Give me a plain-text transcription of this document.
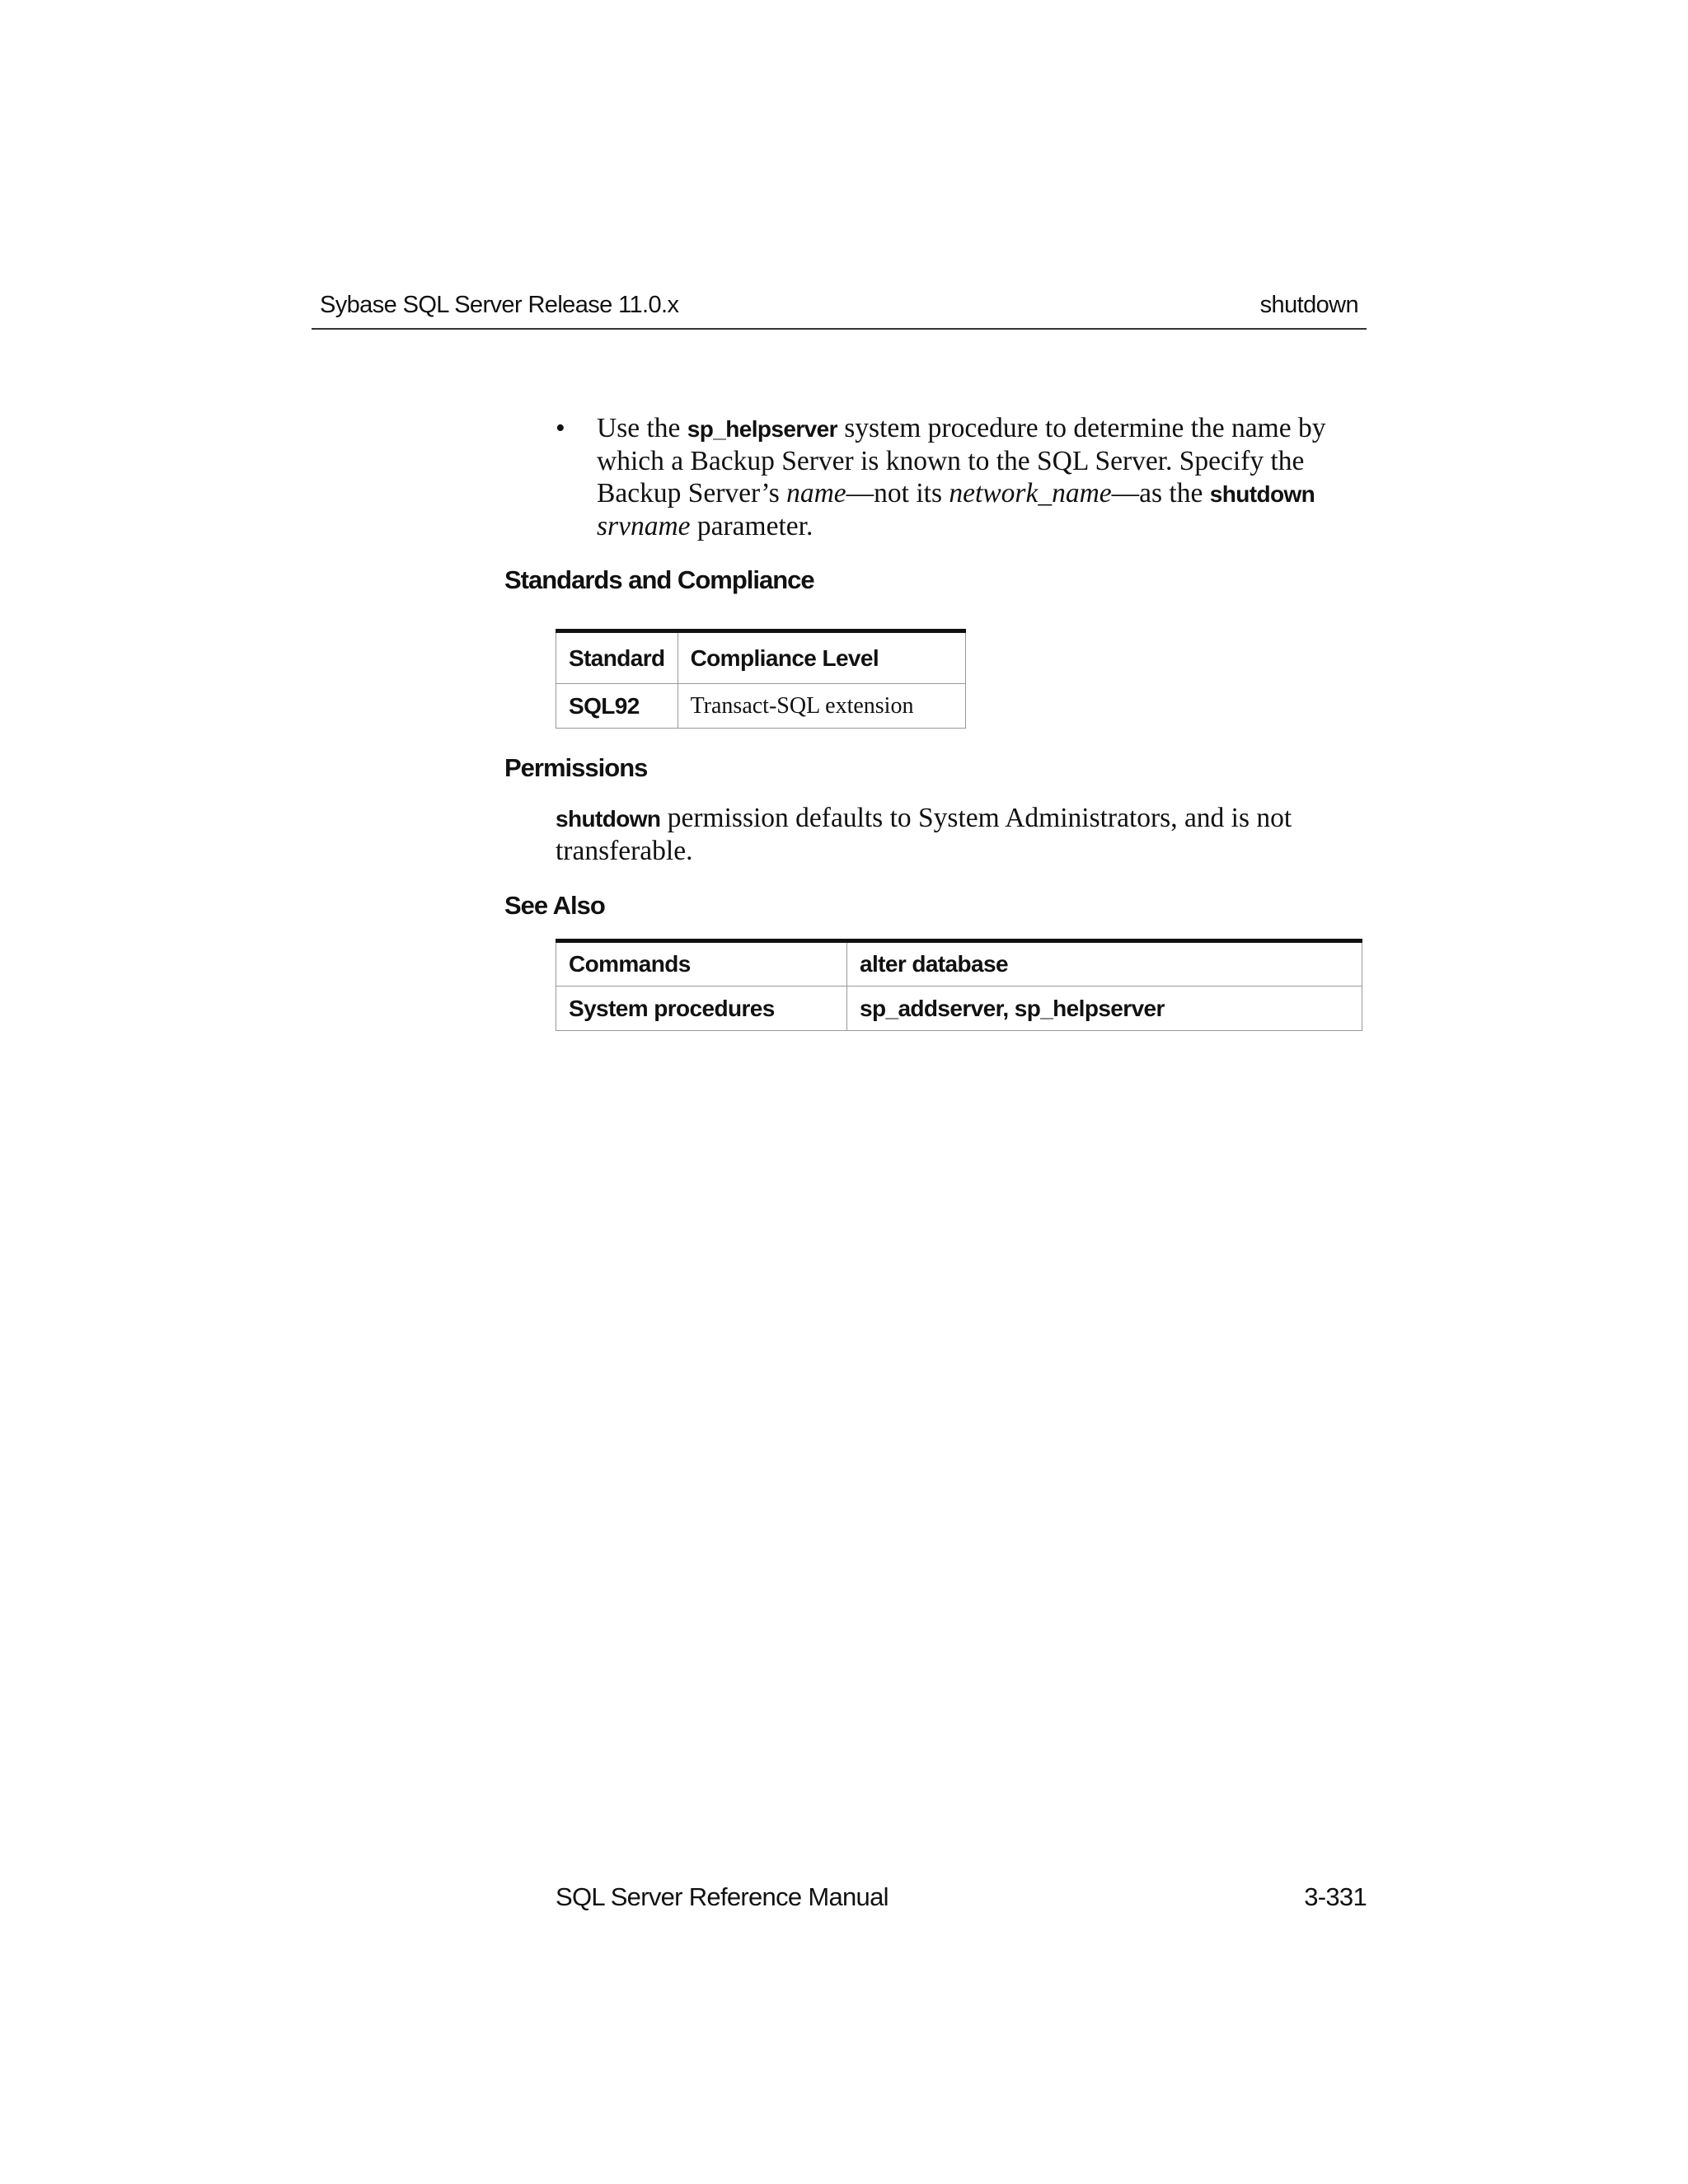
Sybase SQL Server Release 11.0.x	shutdown
• Use the sp_helpserver system procedure to determine the name by which a Backup Server is known to the SQL Server. Specify the Backup Server’s name—not its network_name—as the shutdown srvname parameter.
Standards and Compliance
Standard	Compliance Level
SQL92	Transact-SQL extension
Permissions
shutdown permission defaults to System Administrators, and is not transferable.
See Also
Commands	alter database
System procedures	sp_addserver, sp_helpserver
SQL Server Reference Manual	3-331
